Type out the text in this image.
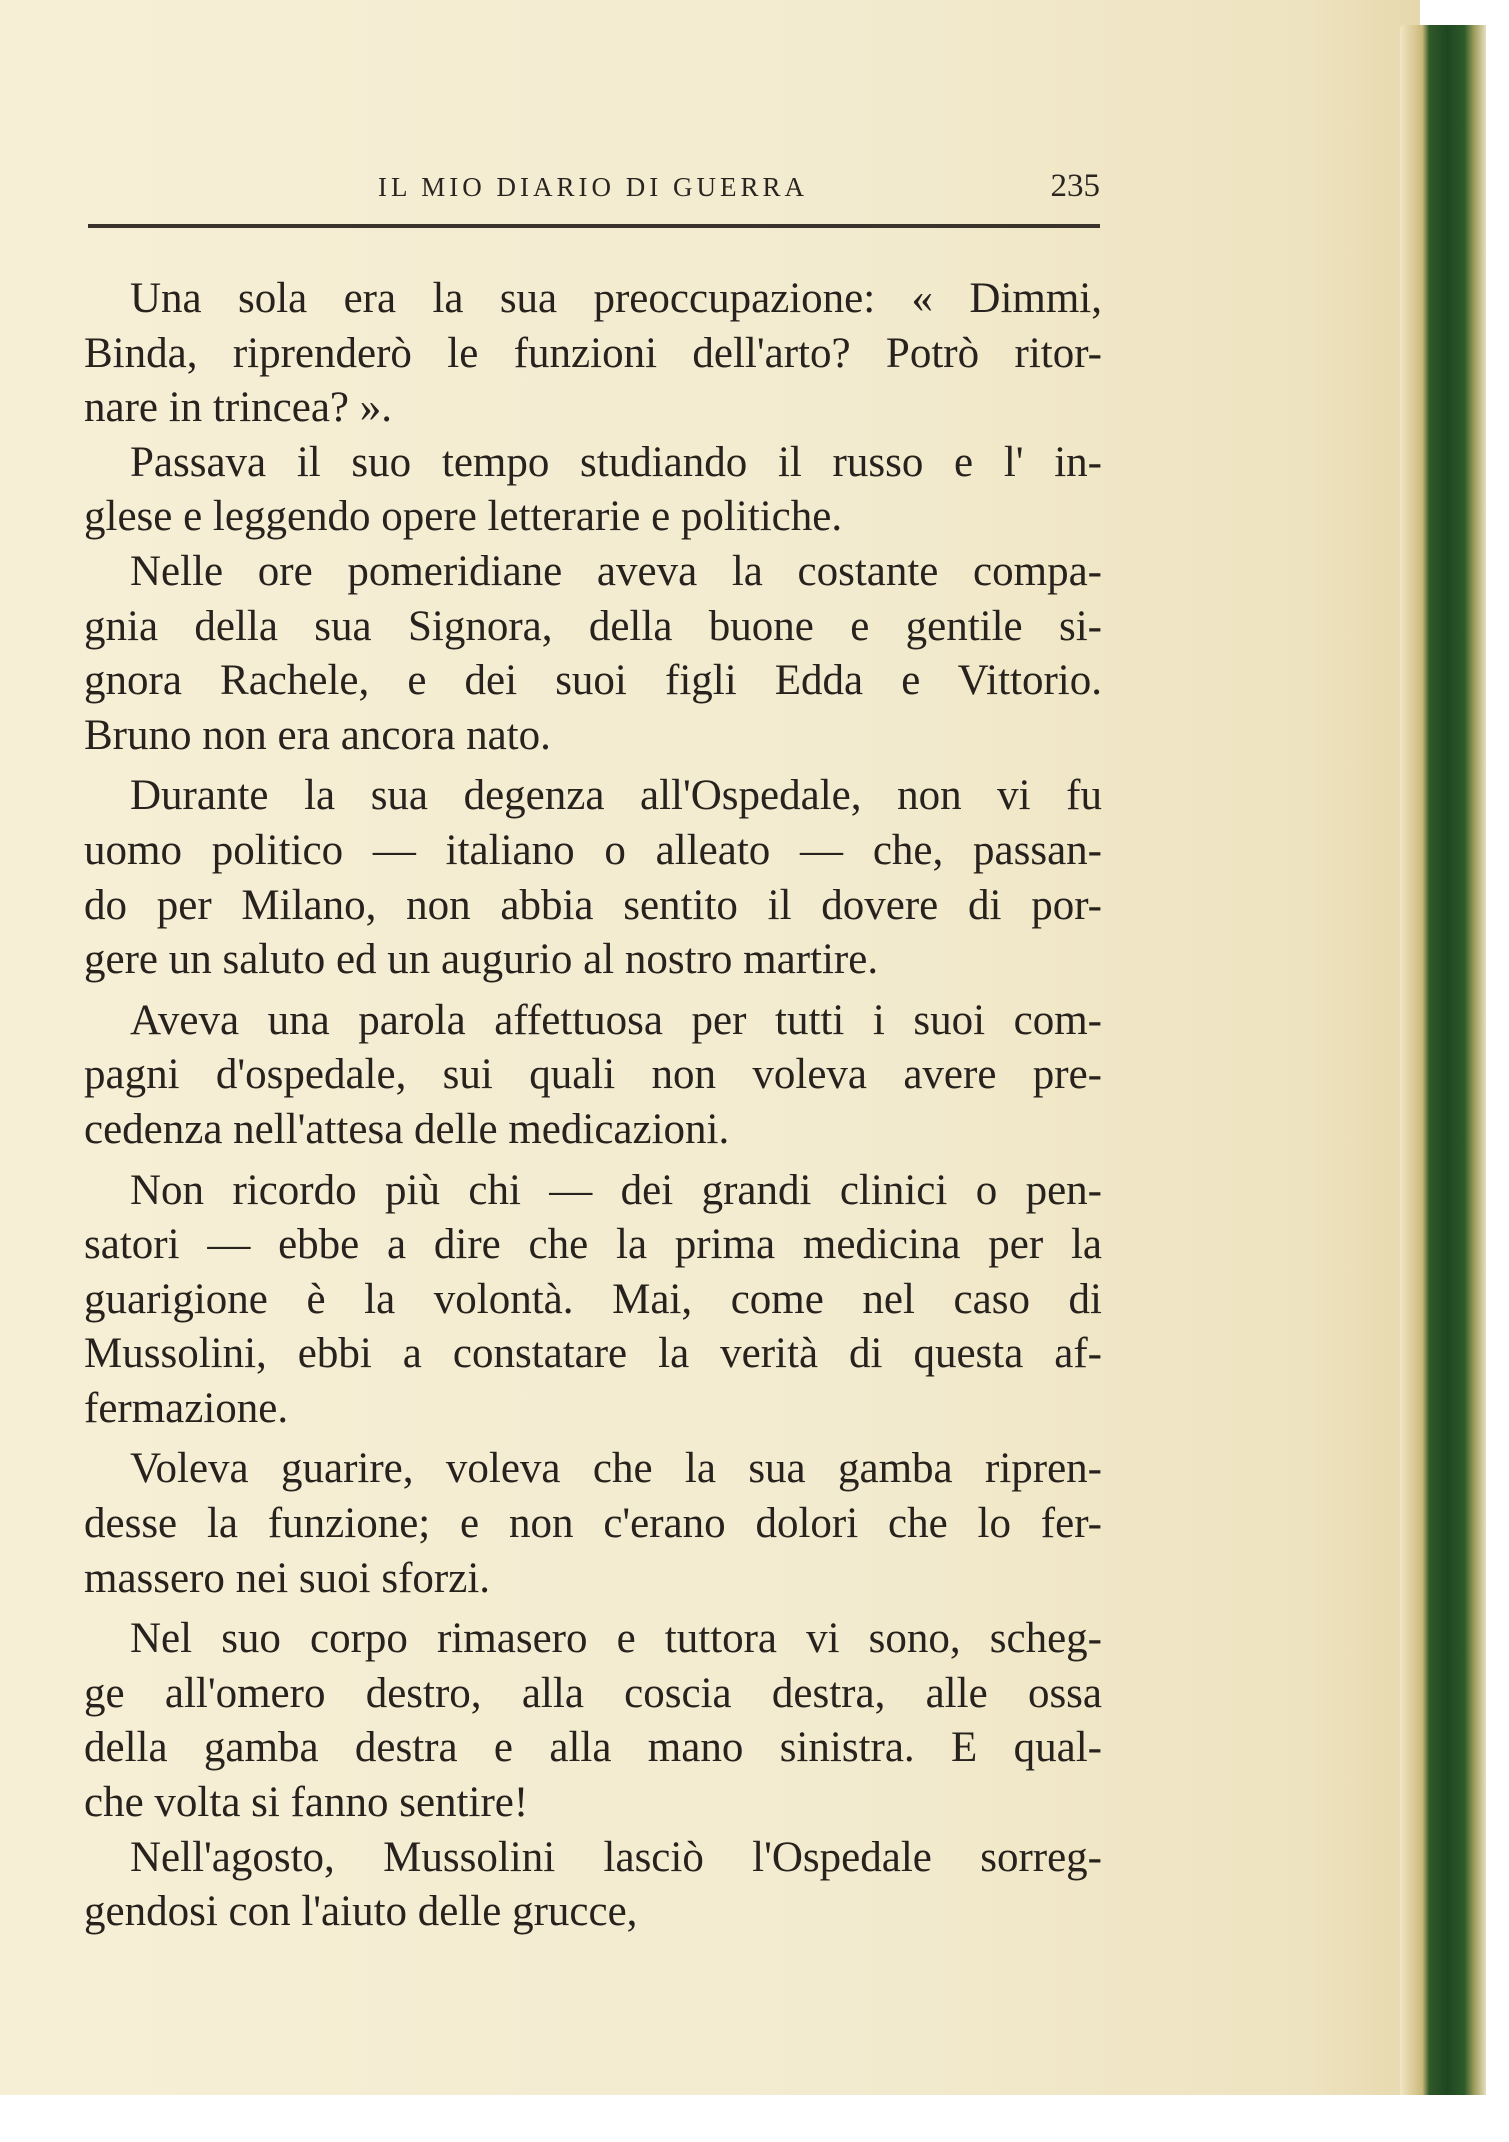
IL MIO DIARIO DI GUERRA	235
Una sola era la sua preoccupazione: « Dimmi,
Binda, riprenderò le funzioni dell'arto? Potrò ritor-
nare in trincea? ».
Passava il suo tempo studiando il russo e l' in-
glese e leggendo opere letterarie e politiche.
Nelle ore pomeridiane aveva la costante compa-
gnia della sua Signora, della buone e gentile si-
gnora Rachele, e dei suoi figli Edda e Vittorio.
Bruno non era ancora nato.
Durante la sua degenza all'Ospedale, non vi fu
uomo politico — italiano o alleato — che, passan-
do per Milano, non abbia sentito il dovere di por-
gere un saluto ed un augurio al nostro martire.
Aveva una parola affettuosa per tutti i suoi com-
pagni d'ospedale, sui quali non voleva avere pre-
cedenza nell'attesa delle medicazioni.
Non ricordo più chi — dei grandi clinici o pen-
satori — ebbe a dire che la prima medicina per la
guarigione è la volontà. Mai, come nel caso di
Mussolini, ebbi a constatare la verità di questa af-
fermazione.
Voleva guarire, voleva che la sua gamba ripren-
desse la funzione; e non c'erano dolori che lo fer-
massero nei suoi sforzi.
Nel suo corpo rimasero e tuttora vi sono, scheg-
ge all'omero destro, alla coscia destra, alle ossa
della gamba destra e alla mano sinistra. E qual-
che volta si fanno sentire!
Nell'agosto, Mussolini lasciò l'Ospedale sorreg-
gendosi con l'aiuto delle grucce,
